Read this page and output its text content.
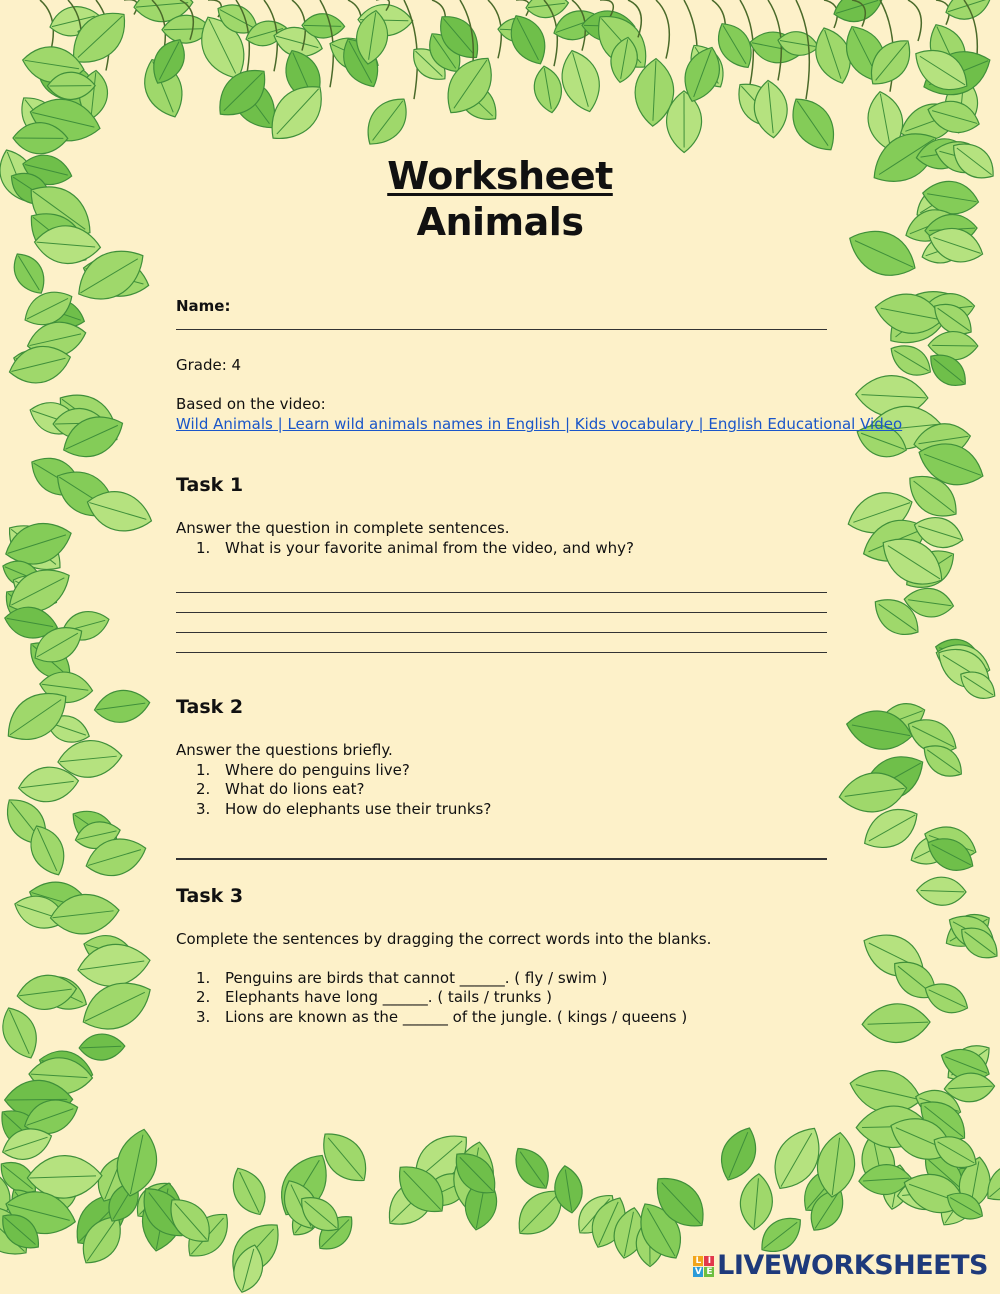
Worksheet
Animals
Name:
Grade: 4
Based on the video:
Wild Animals | Learn wild animals names in English | Kids vocabulary | English Educational Video
Task 1
Answer the question in complete sentences.
1. What is your favorite animal from the video, and why?
Task 2
Answer the questions briefly.
1. Where do penguins live?
2. What do lions eat?
3. How do elephants use their trunks?
Task 3
Complete the sentences by dragging the correct words into the blanks.
1. Penguins are birds that cannot ______. ( fly / swim )
2. Elephants have long ______. ( tails / trunks )
3. Lions are known as the ______ of the jungle. ( kings / queens )
L I
V E LIVEWORKSHEETS
